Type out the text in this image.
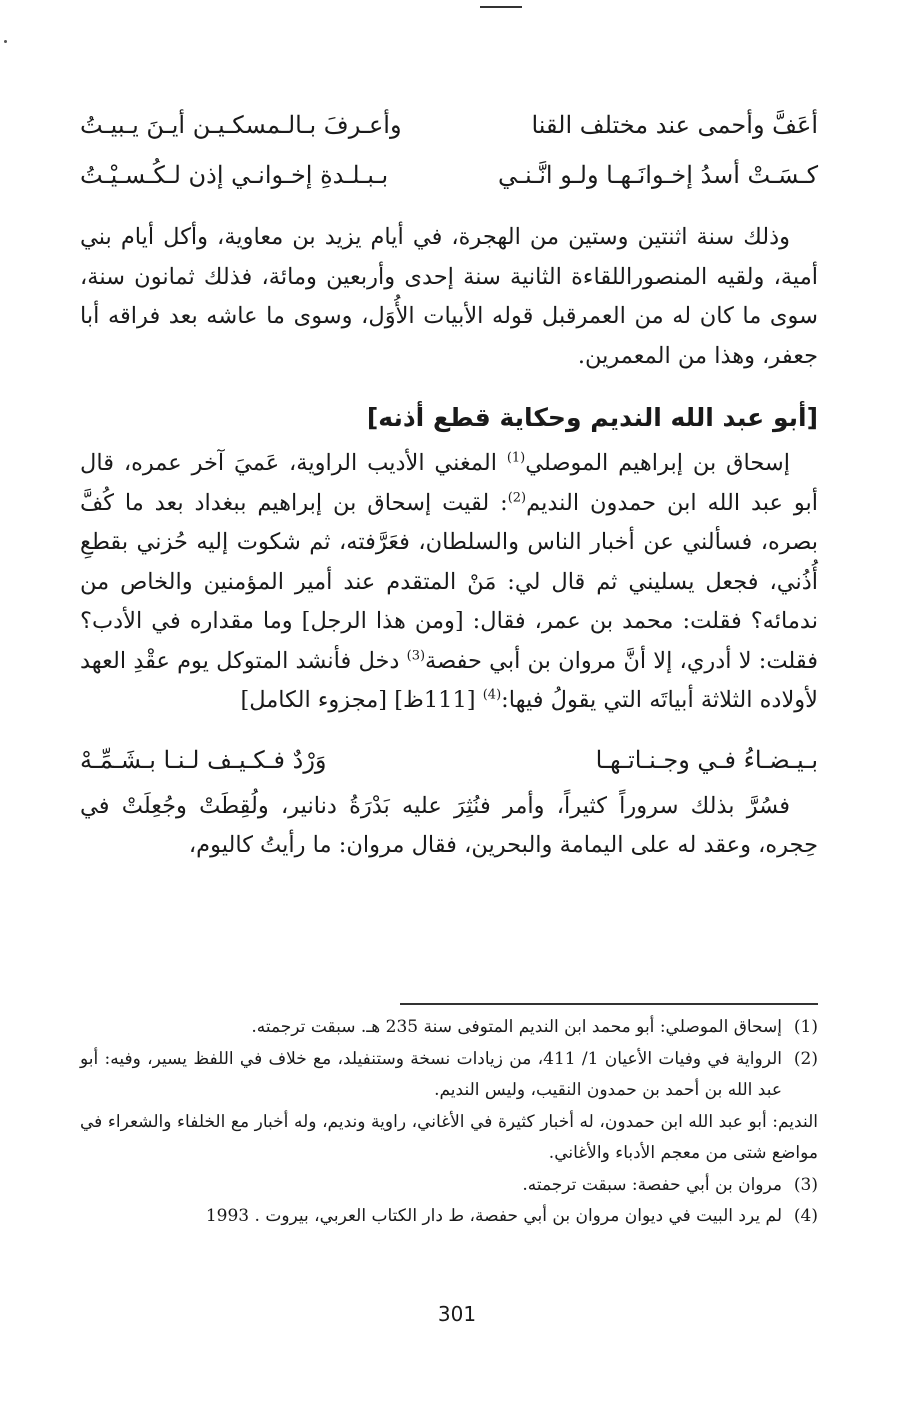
أعَفَّ وأحمى عند مختلف القنا
وأعـرفَ بـالـمسكـيـن أيـنَ يـبيـتُ
كـسَـتْ أسدُ إخـوانَـهـا ولـو انَّـنـي
بـبـلـدةِ إخـوانـي إذن لـكُـسـيْـتُ

وذلك سنة اثنتين وستين من الهجرة، في أيام يزيد بن معاوية، وأكل أيام بني أمية، ولقيه المنصوراللقاءة الثانية سنة إحدى وأربعين ومائة، فذلك ثمانون سنة، سوى ما كان له من العمرقبل قوله الأبيات الأُوَل، وسوى ما عاشه بعد فراقه أبا جعفر، وهذا من المعمرين.

[أبو عبد الله النديم وحكاية قطع أذنه]

إسحاق بن إبراهيم الموصلي$^{(1)}$ المغني الأديب الراوية، عَميَ آخر عمره، قال أبو عبد الله ابن حمدون النديم$^{(2)}$: لقيت إسحاق بن إبراهيم ببغداد بعد ما كُفَّ بصره، فسألني عن أخبار الناس والسلطان، فعَرَّفته، ثم شكوت إليه حُزني بقطعِ أُذُني، فجعل يسليني ثم قال لي: مَنْ المتقدم عند أمير المؤمنين والخاص من ندمائه؟ فقلت: محمد بن عمر، فقال: [ومن هذا الرجل] وما مقداره في الأدب؟ فقلت: لا أدري، إلا أنَّ مروان بن أبي حفصة$^{(3)}$ دخل فأنشد المتوكل يوم عقْدِ العهد لأولاده الثلاثة أبياتَه التي يقولُ فيها:$^{(4)}$ [111ظ] [مجزوء الكامل]

بـيـضـاءُ فـي وجـنـاتـهـا
وَرْدٌ فـكـيـف لـنـا بـشَـمِّـهْ

فسُرَّ بذلك سروراً كثيراً، وأمر فنُثِرَ عليه بَدْرَةُ دنانير، ولُقِطَتْ وجُعِلَتْ في حِجره، وعقد له على اليمامة والبحرين، فقال مروان: ما رأيتُ كاليوم،

(1)
إسحاق الموصلي: أبو محمد ابن النديم المتوفى سنة 235 هـ. سبقت ترجمته.
(2)
الرواية في وفيات الأعيان 1/ 411، من زيادات نسخة وستنفيلد، مع خلاف في اللفظ يسير، وفيه: أبو عبد الله بن أحمد بن حمدون النقيب، وليس النديم.
النديم: أبو عبد الله ابن حمدون، له أخبار كثيرة في الأغاني، راوية ونديم، وله أخبار مع الخلفاء والشعراء في مواضع شتى من معجم الأدباء والأغاني.
(3)
مروان بن أبي حفصة: سبقت ترجمته.
(4)
لم يرد البيت في ديوان مروان بن أبي حفصة، ط دار الكتاب العربي، بيروت . 1993
301
